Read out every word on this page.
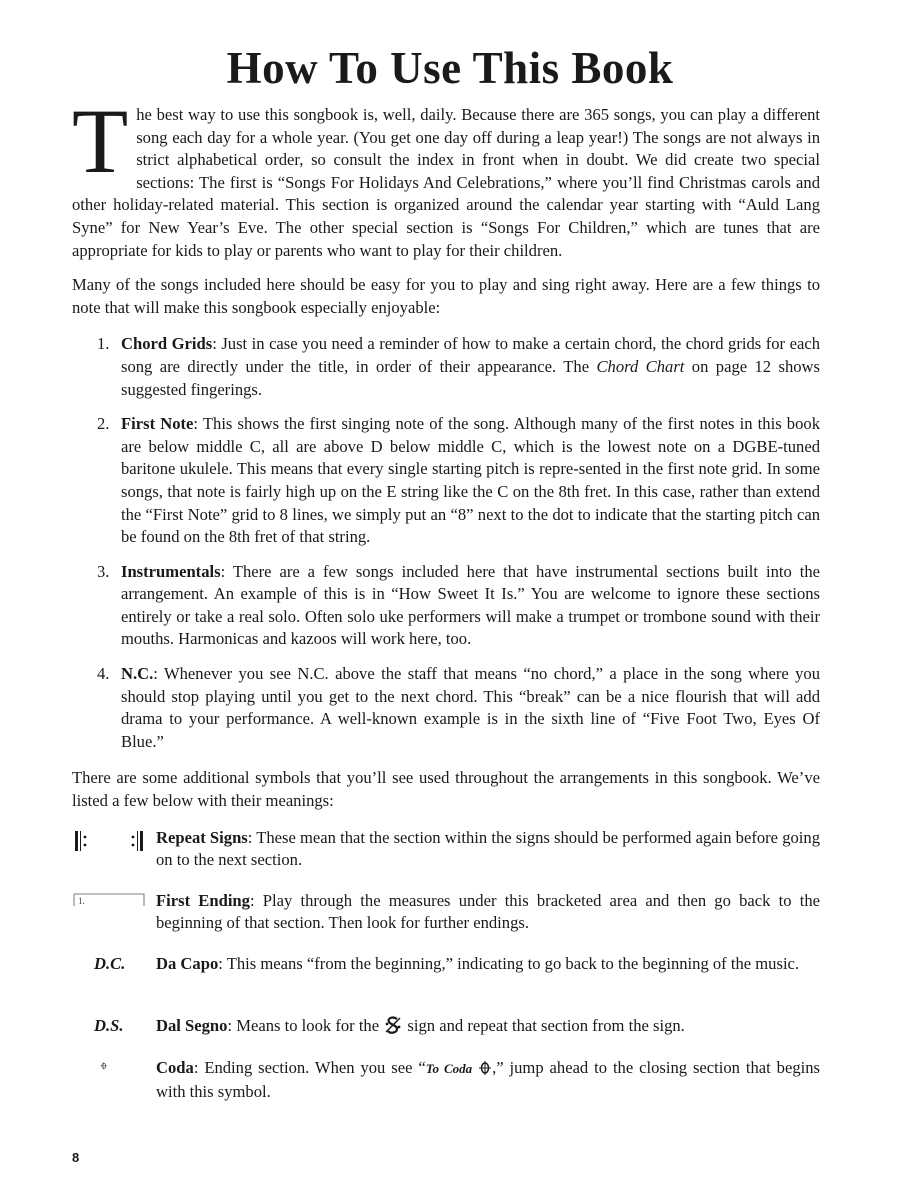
How To Use This Book

The best way to use this songbook is, well, daily. Because there are 365 songs, you can play a different song each day for a whole year. (You get one day off during a leap year!) The songs are not always in strict alphabetical order, so consult the index in front when in doubt. We did create two special sections: The first is “Songs For Holidays And Celebrations,” where you’ll find Christmas carols and other holiday-related material. This section is organized around the calendar year starting with “Auld Lang Syne” for New Year’s Eve. The other special section is “Songs For Children,” which are tunes that are appropriate for kids to play or parents who want to play for their children.

Many of the songs included here should be easy for you to play and sing right away. Here are a few things to note that will make this songbook especially enjoyable:

1. Chord Grids: Just in case you need a reminder of how to make a certain chord, the chord grids for each song are directly under the title, in order of their appearance. The Chord Chart on page 12 shows suggested fingerings.
2. First Note: This shows the first singing note of the song. Although many of the first notes in this book are below middle C, all are above D below middle C, which is the lowest note on a DGBE-tuned baritone ukulele. This means that every single starting pitch is repre-sented in the first note grid. In some songs, that note is fairly high up on the E string like the C on the 8th fret. In this case, rather than extend the “First Note” grid to 8 lines, we simply put an “8” next to the dot to indicate that the starting pitch can be found on the 8th fret of that string.
3. Instrumentals: There are a few songs included here that have instrumental sections built into the arrangement. An example of this is in “How Sweet It Is.” You are welcome to ignore these sections entirely or take a real solo. Often solo uke performers will make a trumpet or trombone sound with their mouths. Harmonicas and kazoos will work here, too.
4. N.C.: Whenever you see N.C. above the staff that means “no chord,” a place in the song where you should stop playing until you get to the next chord. This “break” can be a nice flourish that will add drama to your performance. A well-known example is in the sixth line of “Five Foot Two, Eyes Of Blue.”

There are some additional symbols that you’ll see used throughout the arrangements in this songbook. We’ve listed a few below with their meanings:

Repeat Signs: These mean that the section within the signs should be performed again before going on to the next section.
1.	First Ending: Play through the measures under this bracketed area and then go back to the beginning of that section. Then look for further endings.
D.C. Da Capo: This means “from the beginning,” indicating to go back to the beginning of the music.
D.S. Dal Segno: Means to look for the  sign and repeat that section from the sign.
Coda: Ending section. When you see “To Coda ,” jump ahead to the closing section that begins with this symbol.
8
